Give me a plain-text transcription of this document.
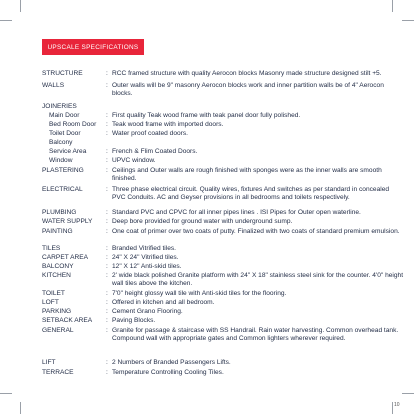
UPSCALE SPECIFICATIONS
STRUCTURE	: RCC framed structure with quality Aerocon blocks Masonry made structure designed stilt +5.
WALLS	: Outer walls will be 9" masonry Aerocon blocks work and inner partition walls be of 4" Aerocon blocks.
JOINERIES
Main Door	: First quality Teak wood frame with teak panel door fully polished.
Bed Room Door : Teak wood frame with imported doors.
Toilet Door	: Water proof coated doors.
Balcony
Service Area	: French & Flim Coated Doors.
Window	: UPVC window.
PLASTERING	: Ceilings and Outer walls are rough finished with sponges were as the inner walls are smooth finished.
ELECTRICAL	: Three phase electrical circuit. Quality wires, fixtures And switches as per standard in concealed PVC Conduits. AC and Geyser provisions in all bedrooms and toilets respectively.
PLUMBING	: Standard PVC and CPVC for all inner pipes lines . ISI Pipes for Outer open waterline.
WATER SUPPLY : Deep bore provided for ground water with underground sump.
PAINTING	: One coat of primer over two coats of putty. Finalized with two coats of standard premium emulsion.
TILES	: Branded Vitrified tiles.
CARPET AREA	: 24" X 24" Vitrified tiles.
BALCONY	: 12" X 12" Anti-skid tiles.
KITCHEN	: 2' wide black polished Granite platform with 24" X 18" stainless steel sink for the counter. 4'0" height wall tiles above the kitchen.
TOILET	: 7'0" height glossy wall tile with Anti-skid tiles for the flooring.
LOFT	: Offered in kitchen and all bedroom.
PARKING	: Cement Grano Flooring.
SETBACK AREA : Paving Blocks.
GENERAL	: Granite for passage & staircase with SS Handrail. Rain water harvesting. Common overhead tank. Compound wall with appropriate gates and Common lighters wherever required.
LIFT	: 2 Numbers of Branded Passengers Lifts.
TERRACE	: Temperature Controlling Cooling Tiles.
10
